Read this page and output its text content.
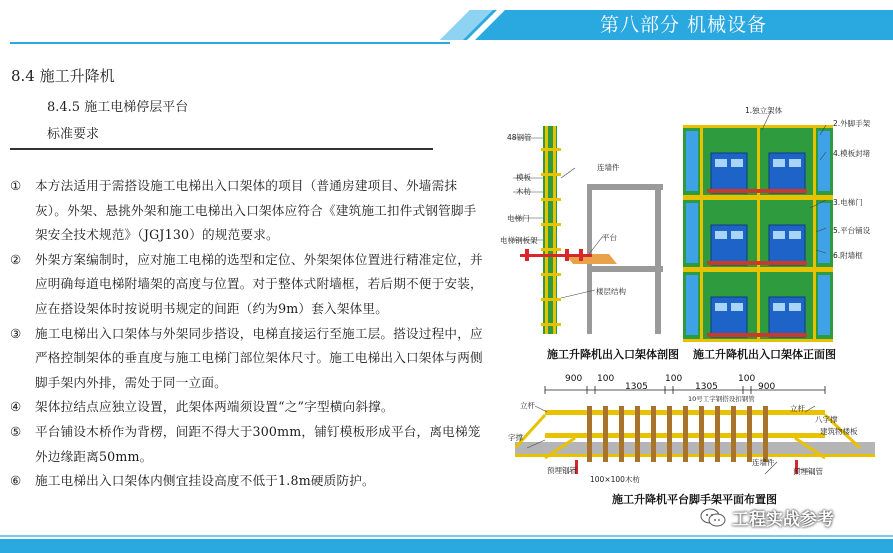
第八部分 机械设备
8.4 施工升降机
8.4.5 施工电梯停层平台
标准要求
① 本方法适用于需搭设施工电梯出入口架体的项目（普通房建项目、外墙需抹灰）。外架、悬挑外架和施工电梯出入口架体应符合《建筑施工扣件式钢管脚手架安全技术规范》（JGJ130）的规范要求。
② 外架方案编制时，应对施工电梯的选型和定位、外架架体位置进行精准定位，并应明确每道电梯附墙架的高度与位置。对于整体式附墙框，若后期不便于安装，应在搭设架体时按说明书规定的间距（约为9m）套入架体里。
③ 施工电梯出入口架体与外架同步搭设，电梯直接运行至施工层。搭设过程中，应严格控制架体的垂直度与施工电梯门部位架体尺寸。施工电梯出入口架体与两侧脚手架内外排，需处于同一立面。
④ 架体拉结点应独立设置，此架体两端须设置“之”字型横向斜撑。
⑤ 平台铺设木桥作为背楞，间距不得大于300mm，铺钉模板形成平台，离电梯笼外边缘距离50mm。
⑥ 施工电梯出入口架体内侧宜挂设高度不低于1.8m硬质防护。
48钢管
模板
木枋
连墙件
电梯门
电梯钢板架	平台
楼层结构
施工升降机出入口架体剖图
1.独立架体
2.外脚手架
4.模板封堵
3.电梯门
5.平台铺设
6.附墙框
施工升降机出入口架体正面图
900 100
1305
100
1305
100
900
立杆
10号工字钢搭设扣钢管
立杆
字撑
八字撑
建筑物楼板
预埋钢管
100×100木枋
连墙件
预埋钢管
施工升降机平台脚手架平面布置图
工程实战参考
